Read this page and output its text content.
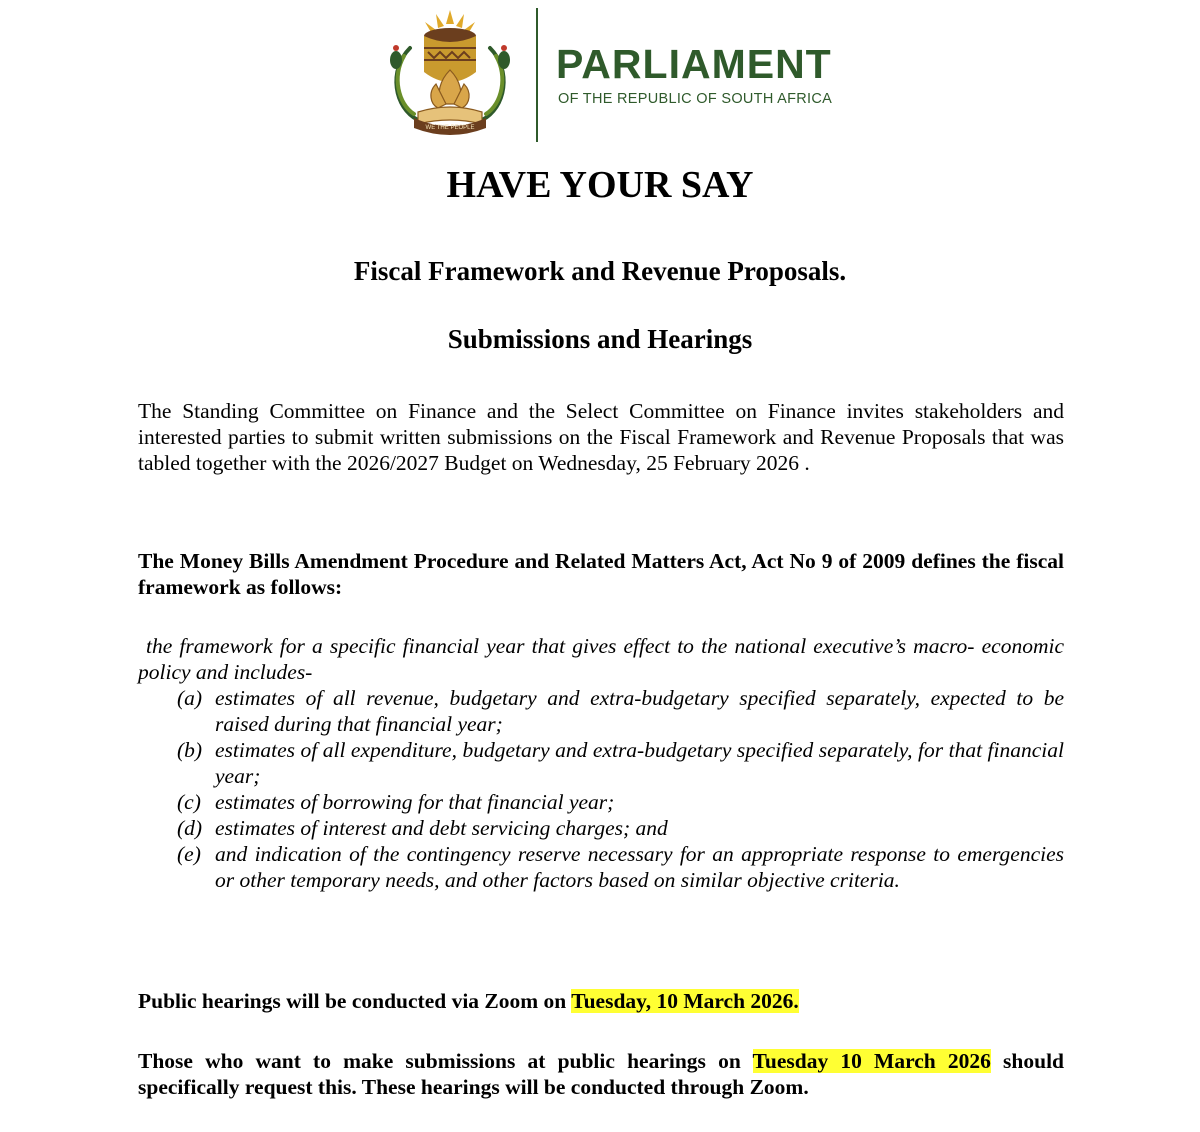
WE THE PEOPLE
PARLIAMENT
OF THE REPUBLIC OF SOUTH AFRICA
HAVE YOUR SAY
Fiscal Framework and Revenue Proposals.
Submissions and Hearings
The Standing Committee on Finance and the Select Committee on Finance invites stakeholders and interested parties to submit written submissions on the Fiscal Framework and Revenue Proposals that was tabled together with the 2026/2027 Budget on Wednesday, 25 February 2026 .
The Money Bills Amendment Procedure and Related Matters Act, Act No 9 of 2009 defines the fiscal framework as follows:
the framework for a specific financial year that gives effect to the national executive’s macro- economic policy and includes-
(a) estimates of all revenue, budgetary and extra-budgetary specified separately, expected to be raised during that financial year;
(b) estimates of all expenditure, budgetary and extra-budgetary specified separately, for that financial year;
(c) estimates of borrowing for that financial year;
(d) estimates of interest and debt servicing charges; and
(e) and indication of the contingency reserve necessary for an appropriate response to emergencies or other temporary needs, and other factors based on similar objective criteria.
Public hearings will be conducted via Zoom on Tuesday, 10 March 2026.
Those who want to make submissions at public hearings on Tuesday 10 March 2026 should specifically request this. These hearings will be conducted through Zoom.
